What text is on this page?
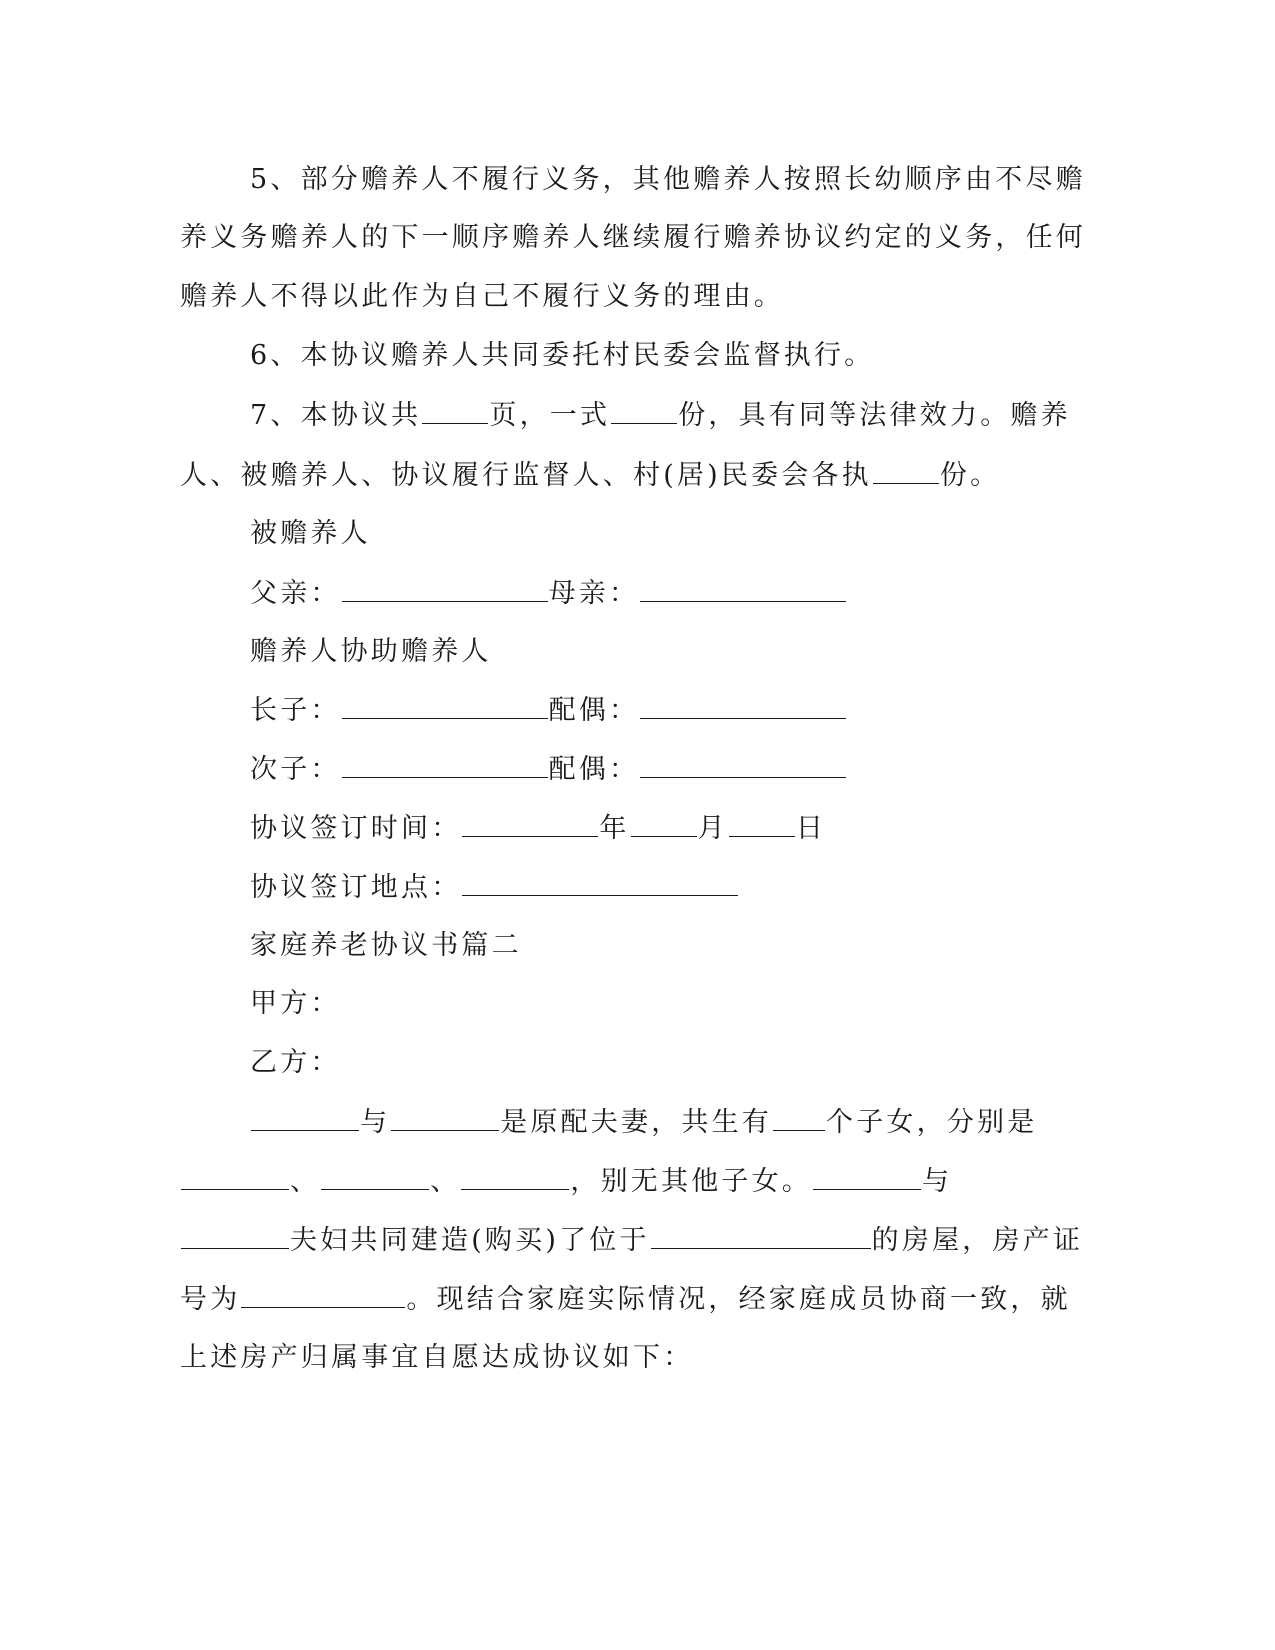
5、部分赡养人不履行义务，其他赡养人按照长幼顺序由不尽赡
养义务赡养人的下一顺序赡养人继续履行赡养协议约定的义务，任何
赡养人不得以此作为自己不履行义务的理由。
6、本协议赡养人共同委托村民委会监督执行。
7、本协议共	页，一式	份，具有同等法律效力。赡养
人、被赡养人、协议履行监督人、村(居)民委会各执	份。
被赡养人
父亲：	母亲：
赡养人协助赡养人
长子：	配偶：
次子：	配偶：
协议签订时间：	年	月	日
协议签订地点：
家庭养老协议书篇二
甲方：
乙方：
与	是原配夫妻，共生有 个子女，分别是
、	、	，别无其他子女。	与
夫妇共同建造(购买)了位于	的房屋，房产证
号为	。现结合家庭实际情况，经家庭成员协商一致，就
上述房产归属事宜自愿达成协议如下：
